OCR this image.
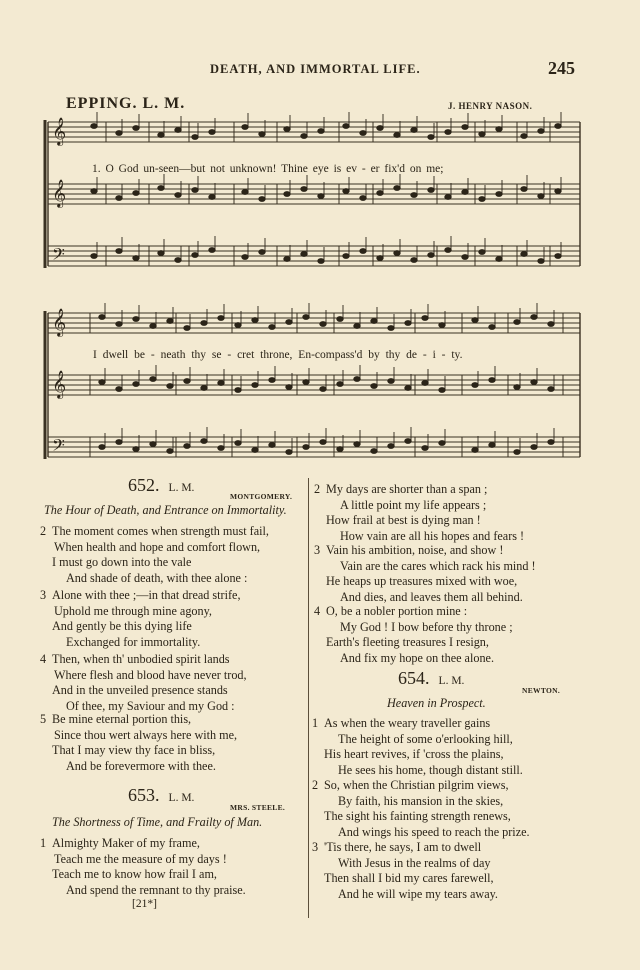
DEATH, AND IMMORTAL LIFE.	245
EPPING. L. M.	J. HENRY NASON.
𝄞
𝄞
𝄢
𝄞
𝄞
𝄢
1. O God un-seen—but not unknown! Thine eye is ev - er fix'd on me;
I dwell be - neath thy se - cret throne, En-compass'd by thy de - i - ty.
652. L. M.
MONTGOMERY.
The Hour of Death, and Entrance on Immortality.
2 The moment comes when strength must fail,
When health and hope and comfort flown,
I must go down into the vale
And shade of death, with thee alone :
3 Alone with thee ;—in that dread strife,
Uphold me through mine agony,
And gently be this dying life
Exchanged for immortality.
4 Then, when th' unbodied spirit lands
Where flesh and blood have never trod,
And in the unveiled presence stands
Of thee, my Saviour and my God :
5 Be mine eternal portion this,
Since thou wert always here with me,
That I may view thy face in bliss,
And be forevermore with thee.
653. L. M.
MRS. STEELE.
The Shortness of Time, and Frailty of Man.
1 Almighty Maker of my frame,
Teach me the measure of my days !
Teach me to know how frail I am,
And spend the remnant to thy praise.
[21*]
2 My days are shorter than a span ;
A little point my life appears ;
How frail at best is dying man !
How vain are all his hopes and fears !
3 Vain his ambition, noise, and show !
Vain are the cares which rack his mind !
He heaps up treasures mixed with woe,
And dies, and leaves them all behind.
4 O, be a nobler portion mine :
My God ! I bow before thy throne ;
Earth's fleeting treasures I resign,
And fix my hope on thee alone.
654. L. M.
NEWTON.
Heaven in Prospect.
1 As when the weary traveller gains
The height of some o'erlooking hill,
His heart revives, if 'cross the plains,
He sees his home, though distant still.
2 So, when the Christian pilgrim views,
By faith, his mansion in the skies,
The sight his fainting strength renews,
And wings his speed to reach the prize.
3 'Tis there, he says, I am to dwell
With Jesus in the realms of day
Then shall I bid my cares farewell,
And he will wipe my tears away.
